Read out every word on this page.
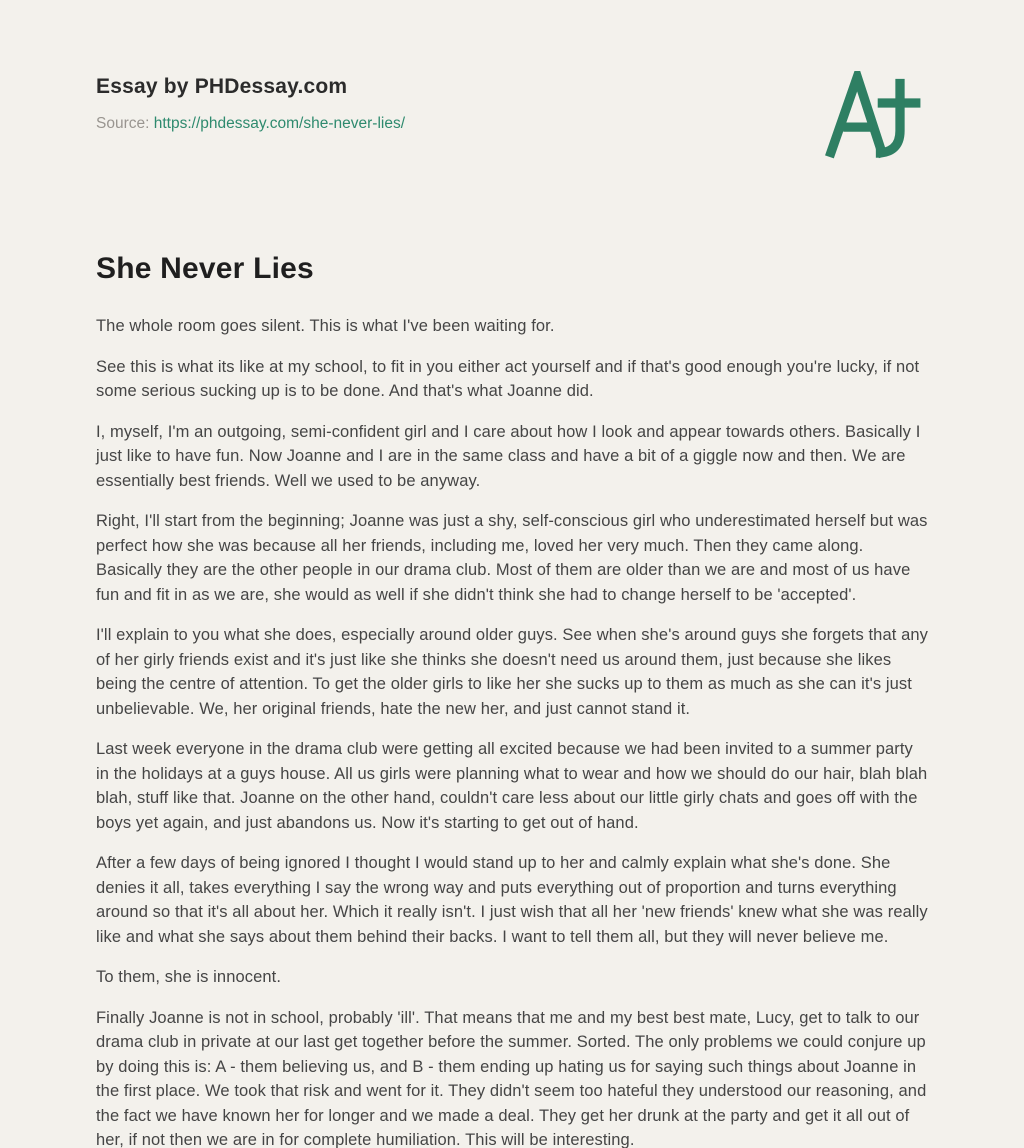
Essay by PHDessay.com
Source: https://phdessay.com/she-never-lies/
She Never Lies

The whole room goes silent. This is what I've been waiting for.

See this is what its like at my school, to fit in you either act yourself and if that's good enough you're lucky, if not some serious sucking up is to be done. And that's what Joanne did.

I, myself, I'm an outgoing, semi-confident girl and I care about how I look and appear towards others. Basically I just like to have fun. Now Joanne and I are in the same class and have a bit of a giggle now and then. We are essentially best friends. Well we used to be anyway.

Right, I'll start from the beginning; Joanne was just a shy, self-conscious girl who underestimated herself but was perfect how she was because all her friends, including me, loved her very much. Then they came along. Basically they are the other people in our drama club. Most of them are older than we are and most of us have fun and fit in as we are, she would as well if she didn't think she had to change herself to be 'accepted'.

I'll explain to you what she does, especially around older guys. See when she's around guys she forgets that any of her girly friends exist and it's just like she thinks she doesn't need us around them, just because she likes being the centre of attention. To get the older girls to like her she sucks up to them as much as she can it's just unbelievable. We, her original friends, hate the new her, and just cannot stand it.

Last week everyone in the drama club were getting all excited because we had been invited to a summer party in the holidays at a guys house. All us girls were planning what to wear and how we should do our hair, blah blah blah, stuff like that. Joanne on the other hand, couldn't care less about our little girly chats and goes off with the boys yet again, and just abandons us. Now it's starting to get out of hand.

After a few days of being ignored I thought I would stand up to her and calmly explain what she's done. She denies it all, takes everything I say the wrong way and puts everything out of proportion and turns everything around so that it's all about her. Which it really isn't. I just wish that all her 'new friends' knew what she was really like and what she says about them behind their backs. I want to tell them all, but they will never believe me.

To them, she is innocent.

Finally Joanne is not in school, probably 'ill'. That means that me and my best best mate, Lucy, get to talk to our drama club in private at our last get together before the summer. Sorted. The only problems we could conjure up by doing this is: A - them believing us, and B - them ending up hating us for saying such things about Joanne in the first place. We took that risk and went for it. They didn't seem too hateful they understood our reasoning, and the fact we have known her for longer and we made a deal. They get her drunk at the party and get it all out of her, if not then we are in for complete humiliation. This will be interesting.
